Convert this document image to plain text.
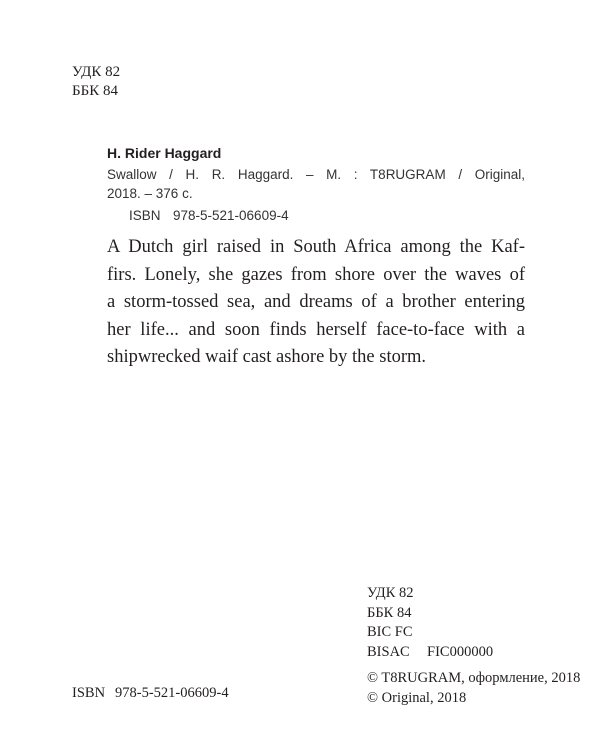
УДК 82
ББК 84
H. Rider Haggard
Swallow / H. R. Haggard. – M. : T8RUGRAM / Original,
2018. – 376 c.
ISBN 978-5-521-06609-4
A Dutch girl raised in South Africa among the Kaf-
firs. Lonely, she gazes from shore over the waves of
a storm-tossed sea, and dreams of a brother entering
her life... and soon finds herself face-to-face with a
shipwrecked waif cast ashore by the storm.
УДК 82
ББК 84
BIC FC
BISAC FIC000000
ISBN 978-5-521-06609-4
© T8RUGRAM, оформление, 2018
© Original, 2018
